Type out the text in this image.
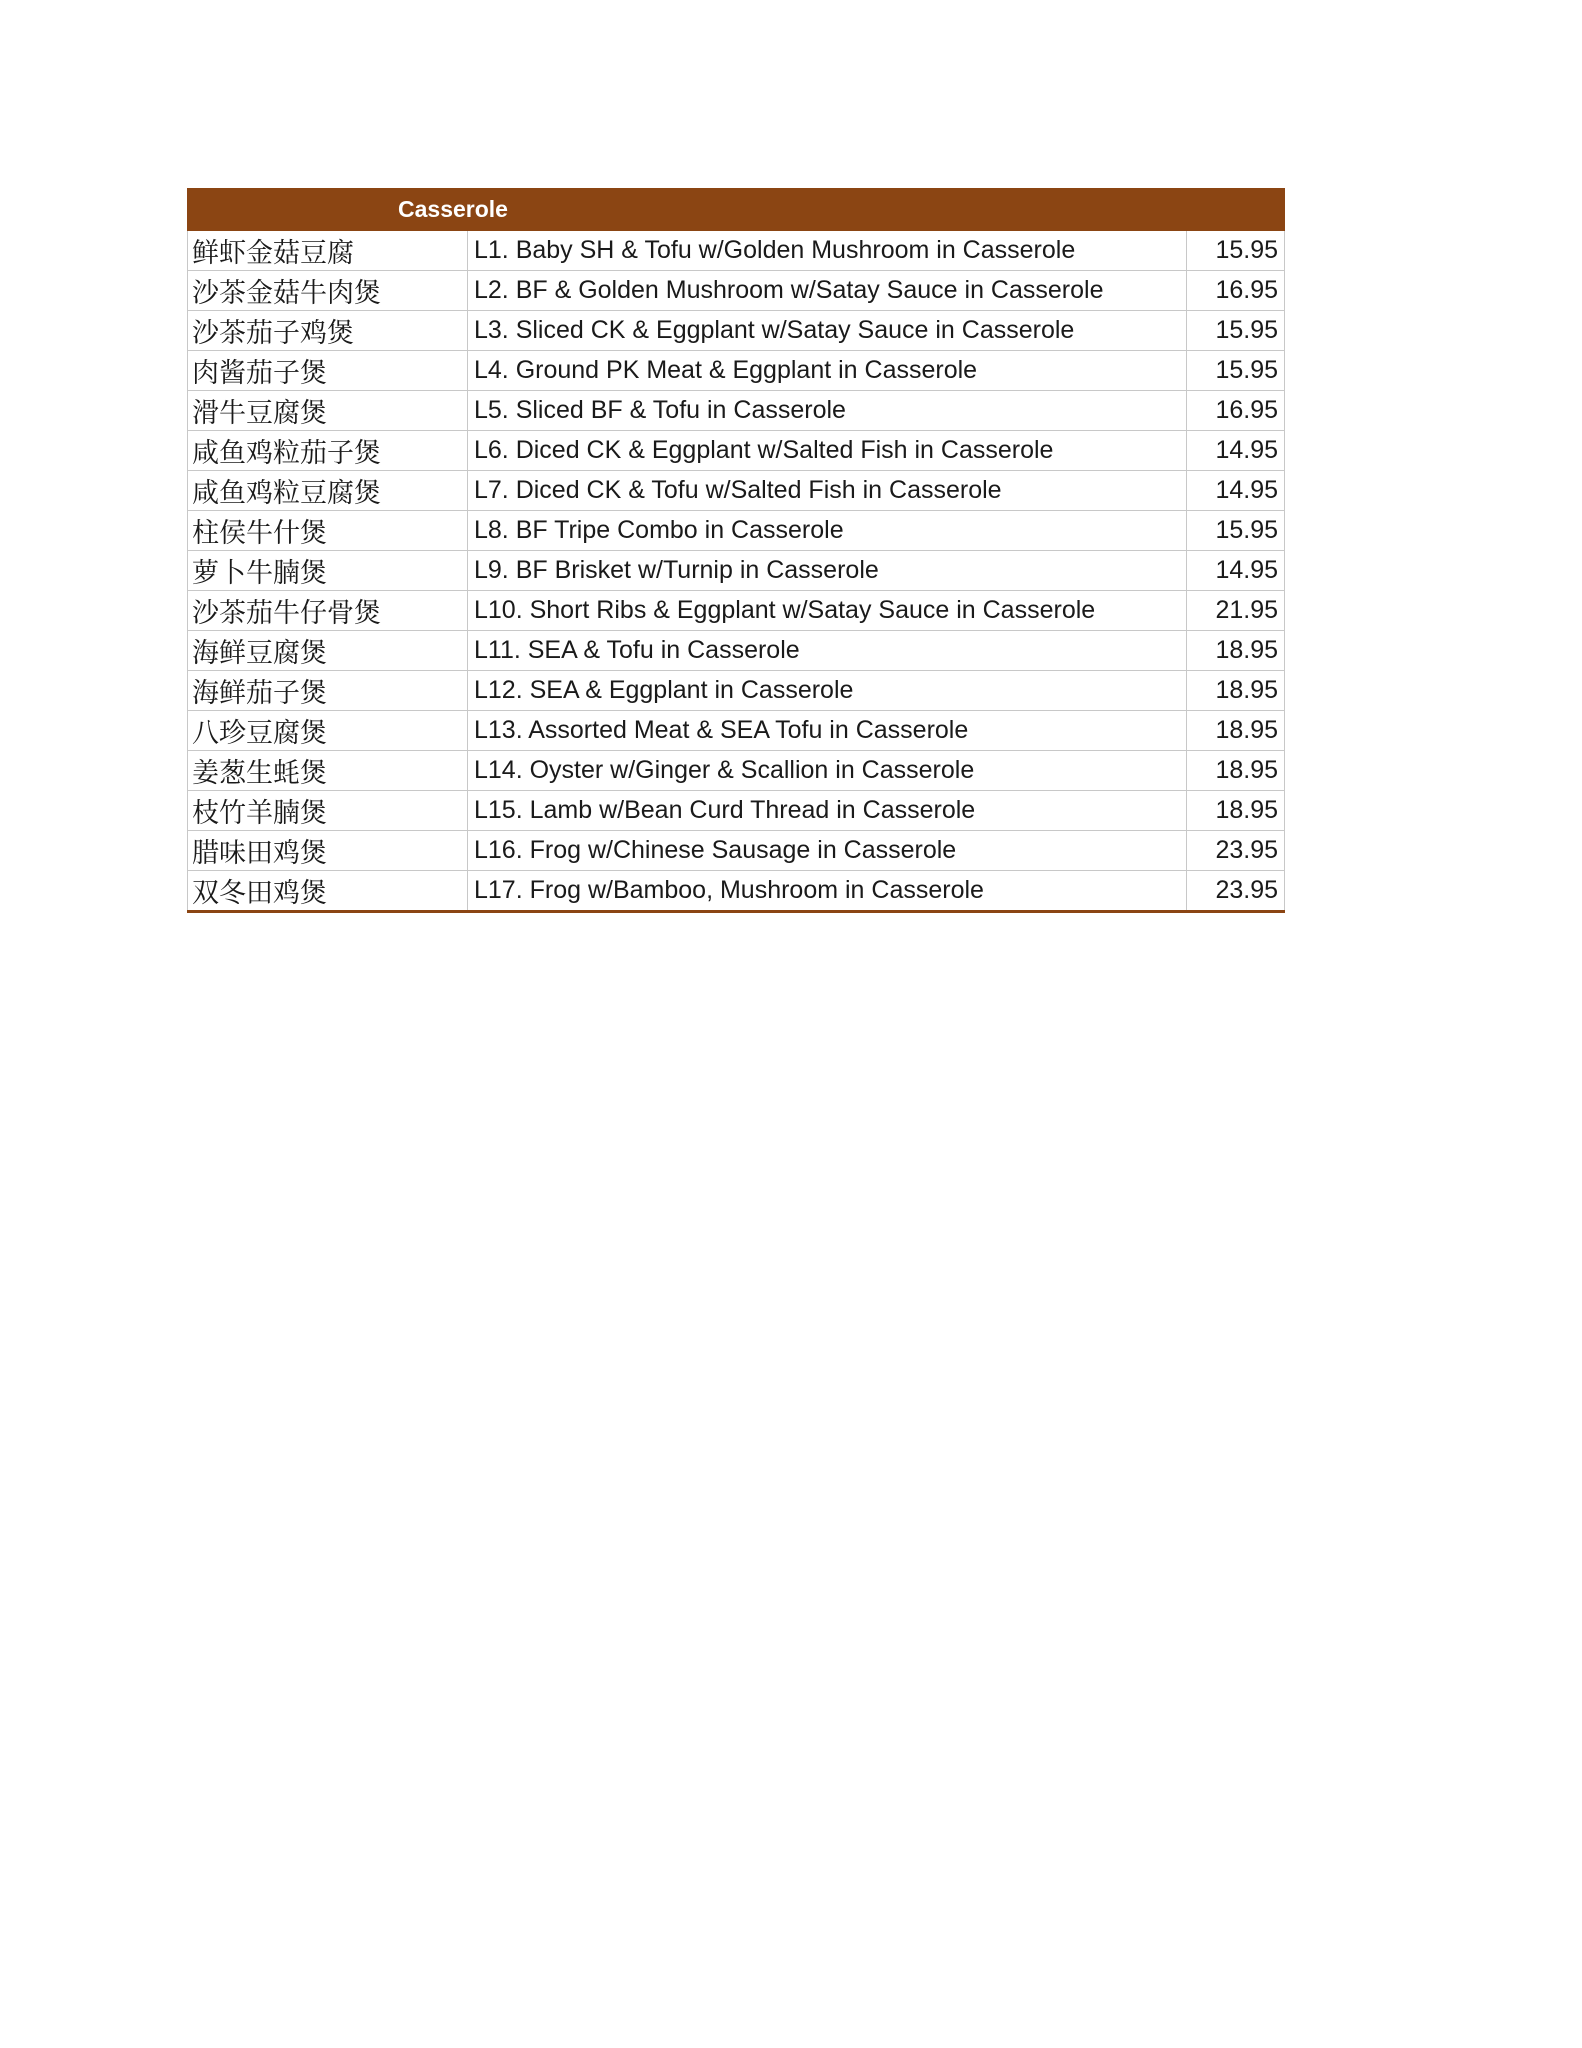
Casserole		
鲜虾金菇豆腐	L1. Baby SH & Tofu w/Golden Mushroom in Casserole	15.95
沙茶金菇牛肉煲	L2. BF & Golden Mushroom w/Satay Sauce in Casserole	16.95
沙茶茄子鸡煲	L3. Sliced CK & Eggplant w/Satay Sauce in Casserole	15.95
肉酱茄子煲	L4. Ground PK Meat & Eggplant in Casserole	15.95
滑牛豆腐煲	L5. Sliced BF & Tofu in Casserole	16.95
咸鱼鸡粒茄子煲	L6. Diced CK & Eggplant w/Salted Fish in Casserole	14.95
咸鱼鸡粒豆腐煲	L7. Diced CK & Tofu w/Salted Fish in Casserole	14.95
柱侯牛什煲	L8. BF Tripe Combo in Casserole	15.95
萝卜牛腩煲	L9. BF Brisket w/Turnip in Casserole	14.95
沙茶茄牛仔骨煲	L10. Short Ribs & Eggplant w/Satay Sauce in Casserole	21.95
海鲜豆腐煲	L11. SEA & Tofu in Casserole	18.95
海鲜茄子煲	L12. SEA & Eggplant in Casserole	18.95
八珍豆腐煲	L13. Assorted Meat & SEA Tofu in Casserole	18.95
姜葱生蚝煲	L14. Oyster w/Ginger & Scallion in Casserole	18.95
枝竹羊腩煲	L15. Lamb w/Bean Curd Thread in Casserole	18.95
腊味田鸡煲	L16. Frog w/Chinese Sausage in Casserole	23.95
双冬田鸡煲	L17. Frog w/Bamboo, Mushroom in Casserole	23.95
